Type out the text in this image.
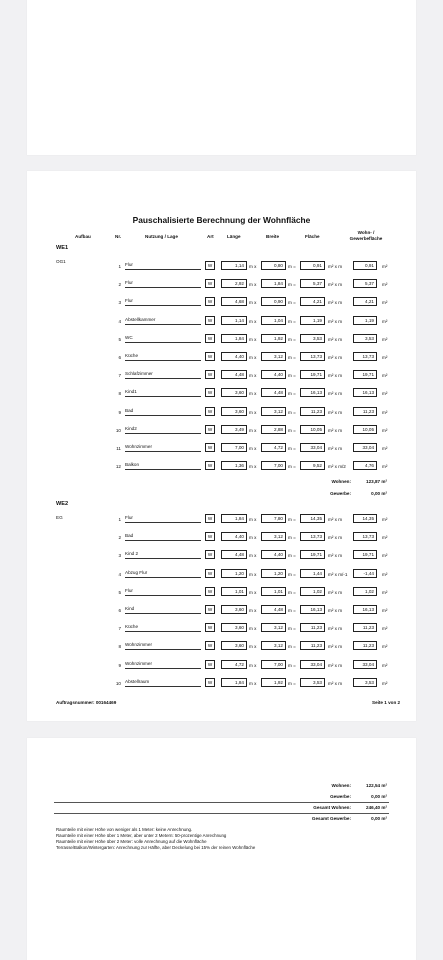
Pauschalisierte Berechnung der Wohnfläche
Aufbau	Nr.	Nutzung / Lage	Art	Länge	Breite	Fläche
Wohn- /
Gewerbefläche
WE1
OG1
1 Flur	W	1,14	m x	0,80	m =	0,91	m² x m	0,91	m²
2 Flur	W	2,92	m x	1,84	m =	5,37	m² x m	5,37	m²
3 Flur	W	4,68	m x	0,90	m =	4,21	m² x m	4,21	m²
4 Abstellkammer	W	1,14	m x	1,04	m =	1,19	m² x m	1,19	m²
5 WC	W	1,84	m x	1,92	m =	3,53	m² x m	3,53	m²
6 Küche	W	4,40	m x	3,12	m =	13,73	m² x m	13,73	m²
7 Schlafzimmer	W	4,48	m x	4,40	m =	19,71	m² x m	19,71	m²
8 Kind1	W	3,60	m x	4,48	m =	16,13	m² x m	16,13	m²
9 Bad	W	3,60	m x	3,12	m =	11,23	m² x m	11,23	m²
10 Kind2	W	3,49	m x	2,88	m =	10,05	m² x m	10,05	m²
11 Wohnzimmer	W	7,00	m x	4,72	m =	33,04	m² x m	33,04	m²
12 Balkon	W	1,36	m x	7,00	m =	9,52	m² x m/2	4,76	m²
Wohnen:	123,87 m²
Gewerbe:	0,00 m²
WE2
EG	1 Flur	W	1,84	m x	7,80	m =	14,35	m² x m	14,35	m²
2 Bad	W	4,40	m x	3,12	m =	13,73	m² x m	13,73	m²
3 Kind 2	W	4,48	m x	4,40	m =	19,71	m² x m	19,71	m²
4 Abzug Flur	W	1,20	m x	1,20	m =	1,44	m² x m/-1	-1,44	m²
5 Flur	W	1,01	m x	1,01	m =	1,02	m² x m	1,02	m²
6 Kind	W	3,60	m x	4,48	m =	16,13	m² x m	16,13	m²
7 Küche	W	3,60	m x	3,12	m =	11,23	m² x m	11,23	m²
8 Wohnzimmer	W	3,60	m x	3,12	m =	11,23	m² x m	11,23	m²
9 Wohnzimmer	W	4,72	m x	7,00	m =	33,04	m² x m	33,04	m²
10 Abstellraum	W	1,84	m x	1,92	m =	3,53	m² x m	3,53	m²
Auftragsnummer: 00164469	Seite 1 von 2
Wohnen:	122,54 m²
Gewerbe:	0,00 m²
Gesamt Wohnen:	246,40 m²
Gesamt Gewerbe:	0,00 m²
Raumteile mit einer Höhe von weniger als 1 Meter: keine Anrechnung.
Raumteile mit einer Höhe über 1 Meter, aber unter 2 Metern: 50-prozentige Anrechnung
Raumteile mit einer Höhe über 2 Meter: volle Anrechnung auf die Wohnfläche
Terrasse/Balkon/Wintergarten: Anrechnung zur Hälfte, aber Deckelung bei 15% der reinen Wohnfläche
